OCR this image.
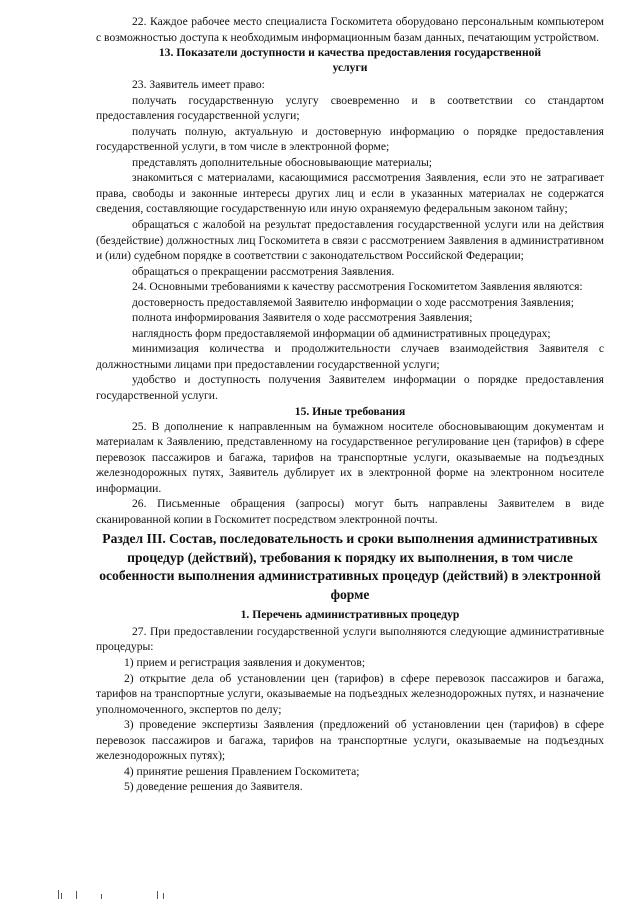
22. Каждое рабочее место специалиста Госкомитета оборудовано персональным компьютером с возможностью доступа к необходимым информационным базам данных, печатающим устройством.

13. Показатели доступности и качества предоставления государственной услуги

23. Заявитель имеет право:

получать государственную услугу своевременно и в соответствии со стандартом предоставления государственной услуги;

получать полную, актуальную и достоверную информацию о порядке предоставления государственной услуги, в том числе в электронной форме;

представлять дополнительные обосновывающие материалы;

знакомиться с материалами, касающимися рассмотрения Заявления, если это не затрагивает права, свободы и законные интересы других лиц и если в указанных материалах не содержатся сведения, составляющие государственную или иную охраняемую федеральным законом тайну;

обращаться с жалобой на результат предоставления государственной услуги или на действия (бездействие) должностных лиц Госкомитета в связи с рассмотрением Заявления в административном и (или) судебном порядке в соответствии с законодательством Российской Федерации;

обращаться о прекращении рассмотрения Заявления.

24. Основными требованиями к качеству рассмотрения Госкомитетом Заявления являются:

достоверность предоставляемой Заявителю информации о ходе рассмотрения Заявления;

полнота информирования Заявителя о ходе рассмотрения Заявления;

наглядность форм предоставляемой информации об административных процедурах;

минимизация количества и продолжительности случаев взаимодействия Заявителя с должностными лицами при предоставлении государственной услуги;

удобство и доступность получения Заявителем информации о порядке предоставления государственной услуги.

15. Иные требования

25. В дополнение к направленным на бумажном носителе обосновывающим документам и материалам к Заявлению, представленному на государственное регулирование цен (тарифов) в сфере перевозок пассажиров и багажа, тарифов на транспортные услуги, оказываемые на подъездных железнодорожных путях, Заявитель дублирует их в электронной форме на электронном носителе информации.

26. Письменные обращения (запросы) могут быть направлены Заявителем в виде сканированной копии в Госкомитет посредством электронной почты.

Раздел III. Состав, последовательность и сроки выполнения административных процедур (действий), требования к порядку их выполнения, в том числе особенности выполнения административных процедур (действий) в электронной форме
1. Перечень административных процедур

27. При предоставлении государственной услуги выполняются следующие административные процедуры:

1) прием и регистрация заявления и документов;

2) открытие дела об установлении цен (тарифов) в сфере перевозок пассажиров и багажа, тарифов на транспортные услуги, оказываемые на подъездных железнодорожных путях, и назначение уполномоченного, экспертов по делу;

3) проведение экспертизы Заявления (предложений об установлении цен (тарифов) в сфере перевозок пассажиров и багажа, тарифов на транспортные услуги, оказываемые на подъездных железнодорожных путях);

4) принятие решения Правлением Госкомитета;

5) доведение решения до Заявителя.
